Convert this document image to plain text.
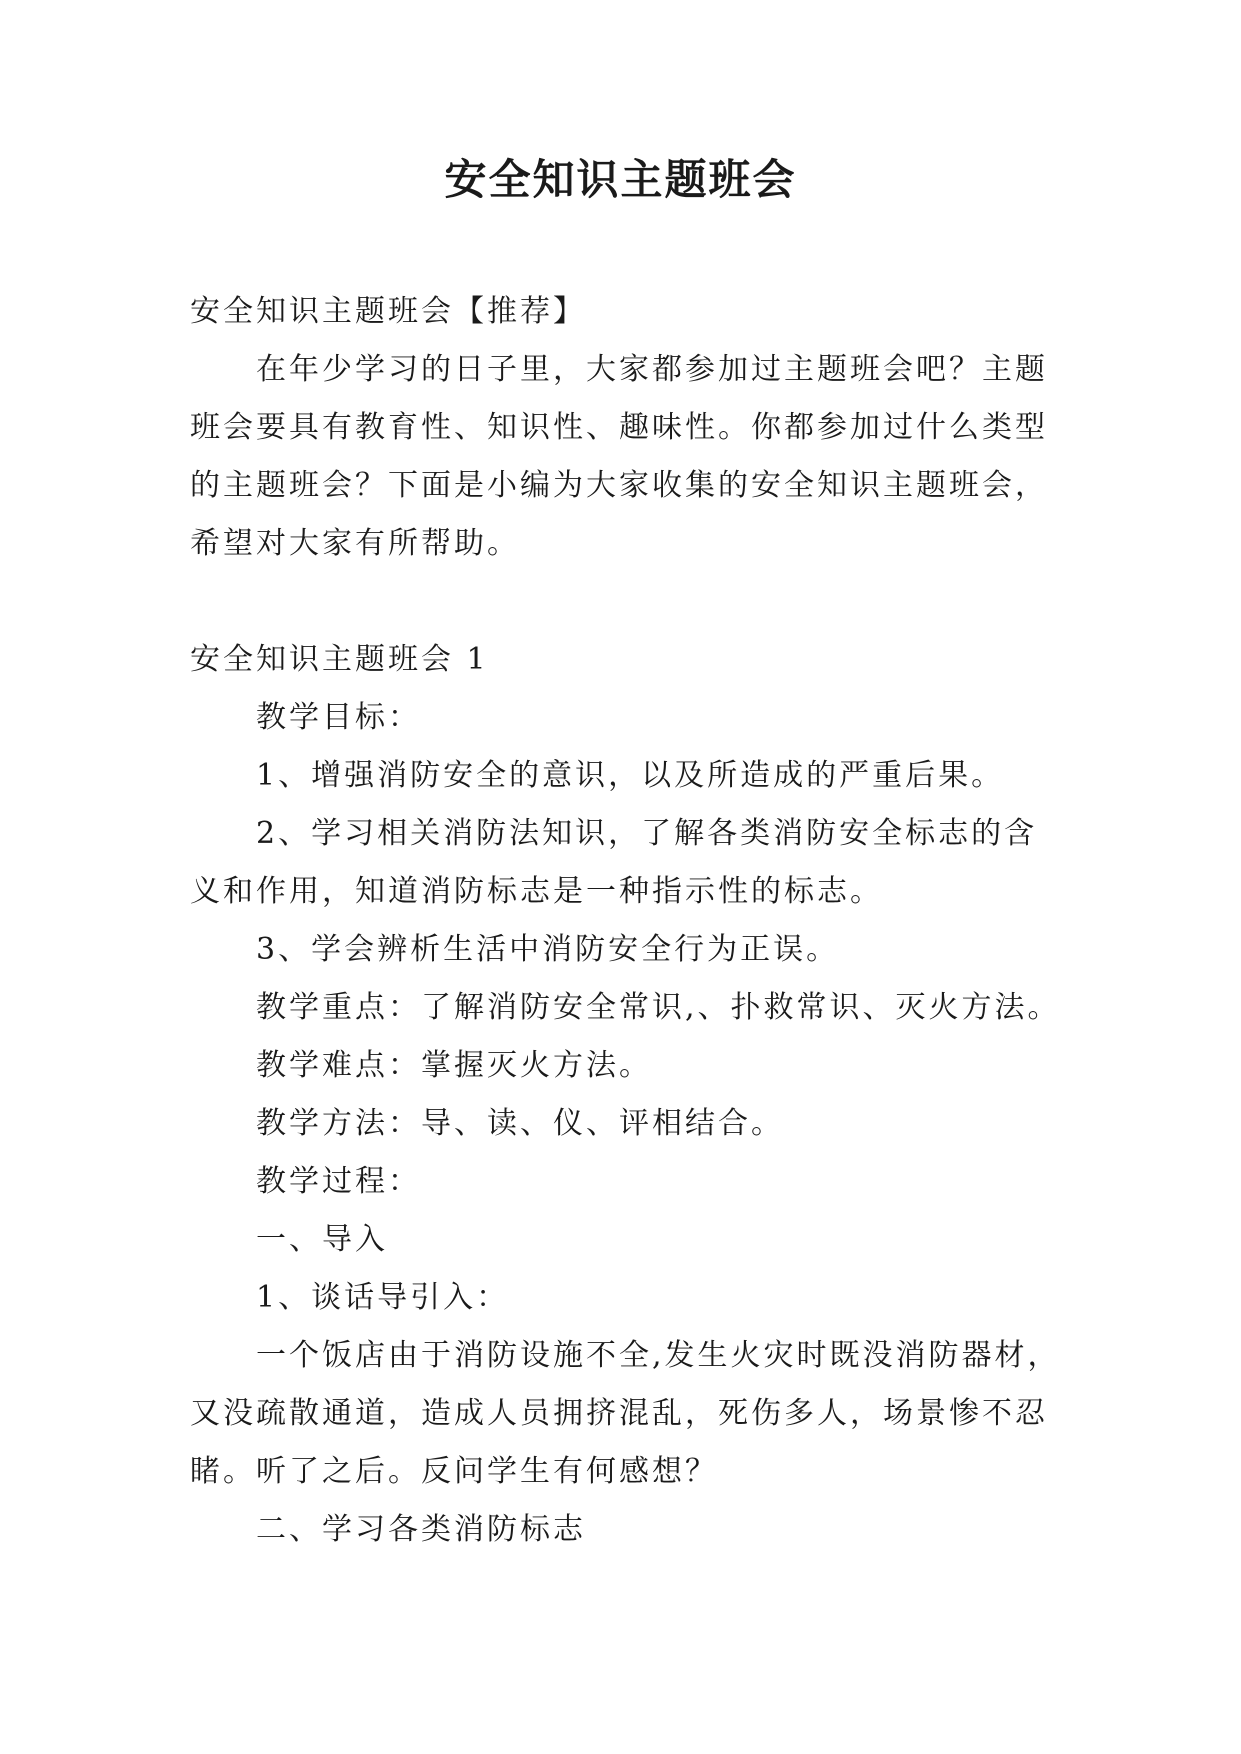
安全知识主题班会

安全知识主题班会【推荐】

在年少学习的日子里，大家都参加过主题班会吧？主题班会要具有教育性、知识性、趣味性。你都参加过什么类型的主题班会？下面是小编为大家收集的安全知识主题班会，希望对大家有所帮助。

安全知识主题班会 1

教学目标：

1、增强消防安全的意识，以及所造成的严重后果。

2、学习相关消防法知识，了解各类消防安全标志的含义和作用，知道消防标志是一种指示性的标志。

3、学会辨析生活中消防安全行为正误。

教学重点：了解消防安全常识,、扑救常识、灭火方法。

教学难点：掌握灭火方法。

教学方法：导、读、仪、评相结合。

教学过程：

一、导入

1、谈话导引入：

一个饭店由于消防设施不全,发生火灾时既没消防器材，又没疏散通道，造成人员拥挤混乱，死伤多人，场景惨不忍睹。听了之后。反问学生有何感想？

二、学习各类消防标志
